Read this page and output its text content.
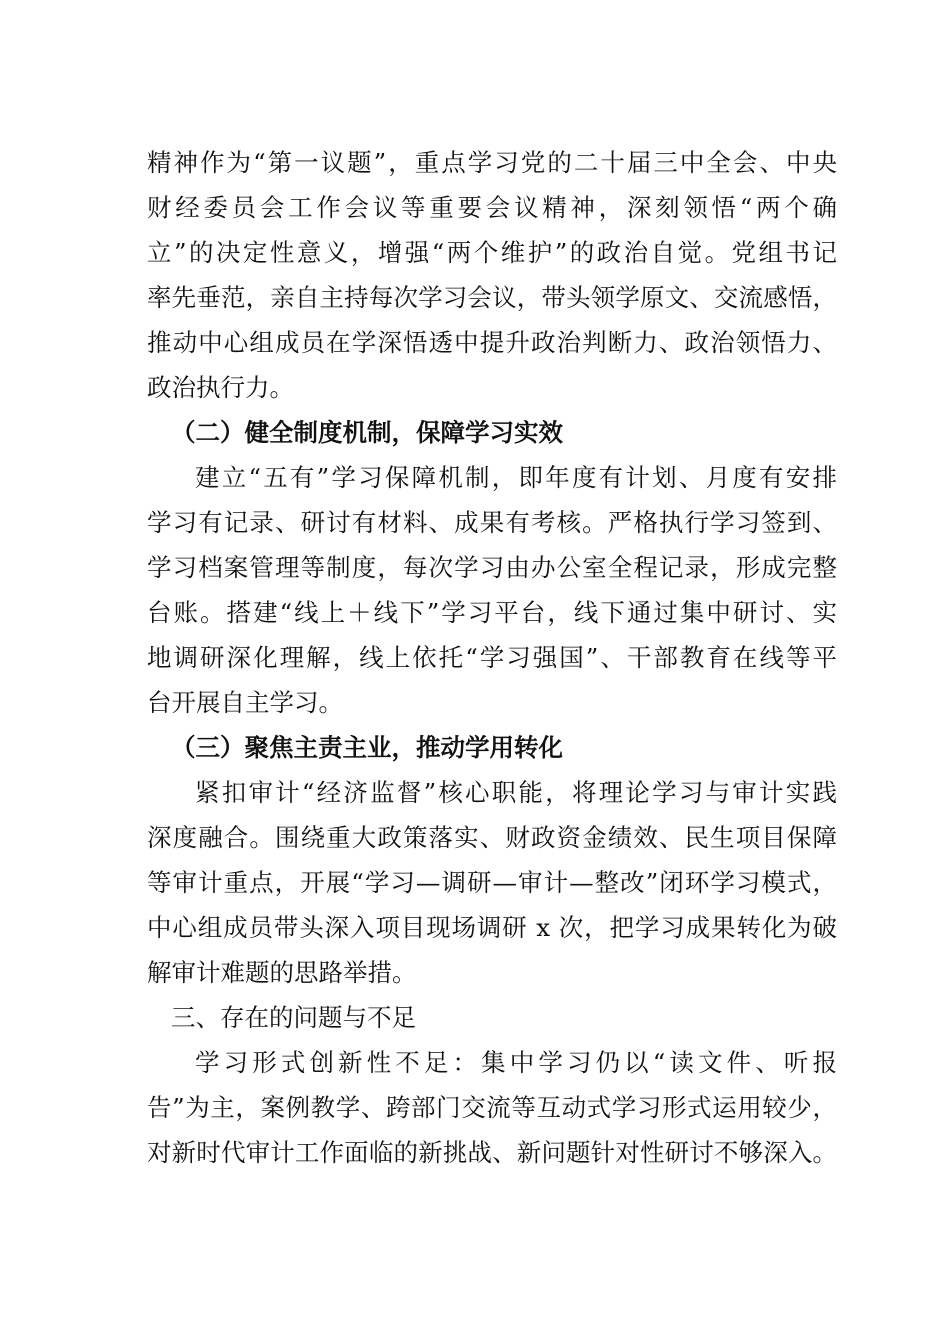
精神作为“第一议题”，重点学习党的二十届三中全会、中央
财经委员会工作会议等重要会议精神，深刻领悟“两个确
立”的决定性意义，增强“两个维护”的政治自觉。党组书记
率先垂范，亲自主持每次学习会议，带头领学原文、交流感悟，
推动中心组成员在学深悟透中提升政治判断力、政治领悟力、
政治执行力。
（二）健全制度机制，保障学习实效
建立“五有”学习保障机制，即年度有计划、月度有安排
学习有记录、研讨有材料、成果有考核。严格执行学习签到、
学习档案管理等制度，每次学习由办公室全程记录，形成完整
台账。搭建“线上＋线下”学习平台，线下通过集中研讨、实
地调研深化理解，线上依托“学习强国”、干部教育在线等平
台开展自主学习。
（三）聚焦主责主业，推动学用转化
紧扣审计“经济监督”核心职能，将理论学习与审计实践
深度融合。围绕重大政策落实、财政资金绩效、民生项目保障
等审计重点，开展“学习—调研—审计—整改”闭环学习模式，
中心组成员带头深入项目现场调研 x 次，把学习成果转化为破
解审计难题的思路举措。
三、存在的问题与不足
学习形式创新性不足：集中学习仍以“读文件、听报
告”为主，案例教学、跨部门交流等互动式学习形式运用较少，
对新时代审计工作面临的新挑战、新问题针对性研讨不够深入。
